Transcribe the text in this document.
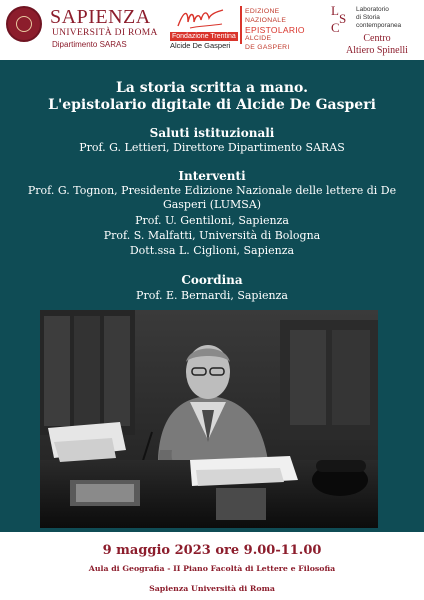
SAPIENZA
UNIVERSITÀ DI ROMA
Dipartimento SARAS
Fondazione Trentina
Alcide De Gasperi
EDIZIONE
NAZIONALE
EPISTOLARIO
ALCIDE
DE GASPERI
L
S
C
Laboratorio
di Storia contemporanea
Centro
Altiero Spinelli
La storia scritta a mano.
L'epistolario digitale di Alcide De Gasperi
Saluti istituzionali
Prof. G. Lettieri, Direttore Dipartimento SARAS
Interventi
Prof. G. Tognon, Presidente Edizione Nazionale delle lettere di De
Gasperi (LUMSA)
Prof. U. Gentiloni, Sapienza
Prof. S. Malfatti, Università di Bologna
Dott.ssa L. Ciglioni, Sapienza
Coordina
Prof. E. Bernardi, Sapienza
9 maggio 2023 ore 9.00-11.00
Aula di Geografia - II Piano Facoltà di Lettere e Filosofia
Sapienza Università di Roma
